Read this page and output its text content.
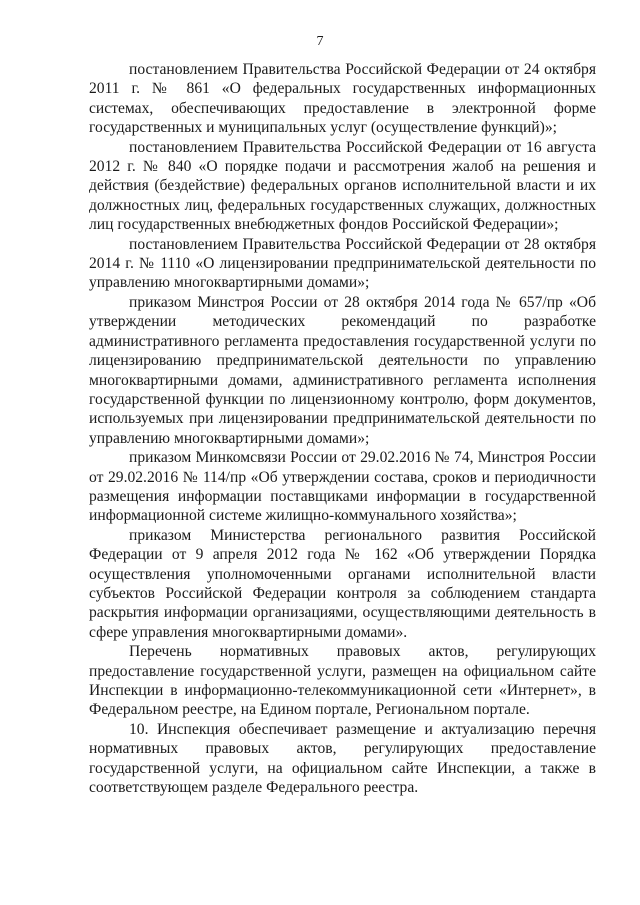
7

постановлением Правительства Российской Федерации от 24 октября 2011 г. № 861 «О федеральных государственных информационных системах, обеспечивающих предоставление в электронной форме государственных и муниципальных услуг (осуществление функций)»;

постановлением Правительства Российской Федерации от 16 августа 2012 г. № 840 «О порядке подачи и рассмотрения жалоб на решения и действия (бездействие) федеральных органов исполнительной власти и их должностных лиц, федеральных государственных служащих, должностных лиц государственных внебюджетных фондов Российской Федерации»;

постановлением Правительства Российской Федерации от 28 октября 2014 г. № 1110 «О лицензировании предпринимательской деятельности по управлению многоквартирными домами»;

приказом Минстроя России от 28 октября 2014 года № 657/пр «Об утверждении методических рекомендаций по разработке административного регламента предоставления государственной услуги по лицензированию предпринимательской деятельности по управлению многоквартирными домами, административного регламента исполнения государственной функции по лицензионному контролю, форм документов, используемых при лицензировании предпринимательской деятельности по управлению многоквартирными домами»;

приказом Минкомсвязи России от 29.02.2016 № 74, Минстроя России от 29.02.2016 № 114/пр «Об утверждении состава, сроков и периодичности размещения информации поставщиками информации в государственной информационной системе жилищно-коммунального хозяйства»;

приказом Министерства регионального развития Российской Федерации от 9 апреля 2012 года № 162 «Об утверждении Порядка осуществления уполномоченными органами исполнительной власти субъектов Российской Федерации контроля за соблюдением стандарта раскрытия информации организациями, осуществляющими деятельность в сфере управления многоквартирными домами».

Перечень нормативных правовых актов, регулирующих предоставление государственной услуги, размещен на официальном сайте Инспекции в информационно-телекоммуникационной сети «Интернет», в Федеральном реестре, на Едином портале, Региональном портале.

10. Инспекция обеспечивает размещение и актуализацию перечня нормативных правовых актов, регулирующих предоставление государственной услуги, на официальном сайте Инспекции, а также в соответствующем разделе Федерального реестра.
